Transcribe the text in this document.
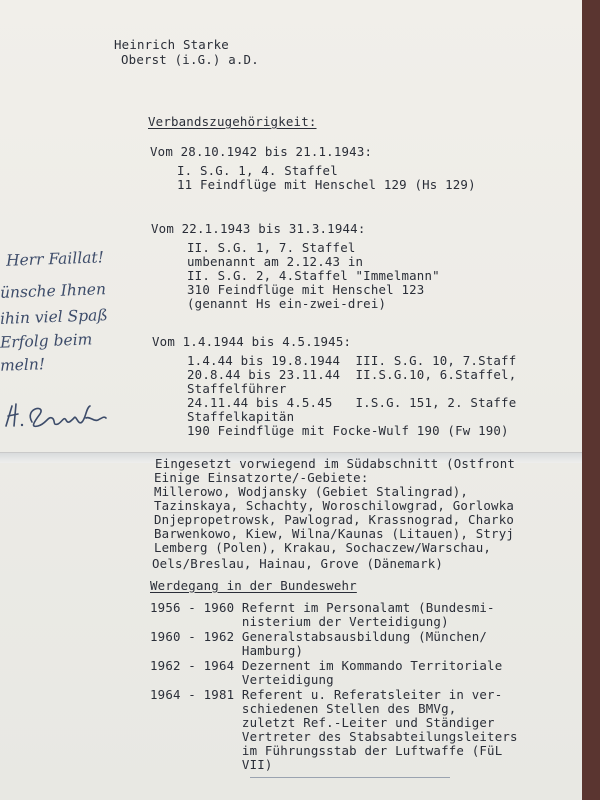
Heinrich Starke
Oberst (i.G.) a.D.
Verbandszugehörigkeit:
Vom 28.10.1942 bis 21.1.1943:
I. S.G. 1, 4. Staffel
11 Feindflüge mit Henschel 129 (Hs 129)
Vom 22.1.1943 bis 31.3.1944:
II. S.G. 1, 7. Staffel
umbenannt am 2.12.43 in
II. S.G. 2, 4.Staffel "Immelmann"
310 Feindflüge mit Henschel 123
(genannt Hs ein-zwei-drei)
Vom 1.4.1944 bis 4.5.1945:
1.4.44 bis 19.8.1944  III. S.G. 10, 7.Staff
20.8.44 bis 23.11.44  II.S.G.10, 6.Staffel,
Staffelführer
24.11.44 bis 4.5.45   I.S.G. 151, 2. Staffe
Staffelkapitän
190 Feindflüge mit Focke-Wulf 190 (Fw 190)
Herr Faillat!
ünsche Ihnen
ihin viel Spaß
Erfolg beim
meln!
Eingesetzt vorwiegend im Südabschnitt (Ostfront
Einige Einsatzorte/-Gebiete:
Millerowo, Wodjansky (Gebiet Stalingrad),
Tazinskaya, Schachty, Woroschilowgrad, Gorlowka
Dnjepropetrowsk, Pawlograd, Krassnograd, Charko
Barwenkowo, Kiew, Wilna/Kaunas (Litauen), Stryj
Lemberg (Polen), Krakau, Sochaczew/Warschau,
Oels/Breslau, Hainau, Grove (Dänemark)
Werdegang in der Bundeswehr
1956 - 1960 Refernt im Personalamt (Bundesmi-
nisterium der Verteidigung)
1960 - 1962 Generalstabsausbildung (München/
Hamburg)
1962 - 1964 Dezernent im Kommando Territoriale
Verteidigung
1964 - 1981 Referent u. Referatsleiter in ver-
schiedenen Stellen des BMVg,
zuletzt Ref.-Leiter und Ständiger
Vertreter des Stabsabteilungsleiters
im Führungsstab der Luftwaffe (FüL
VII)
